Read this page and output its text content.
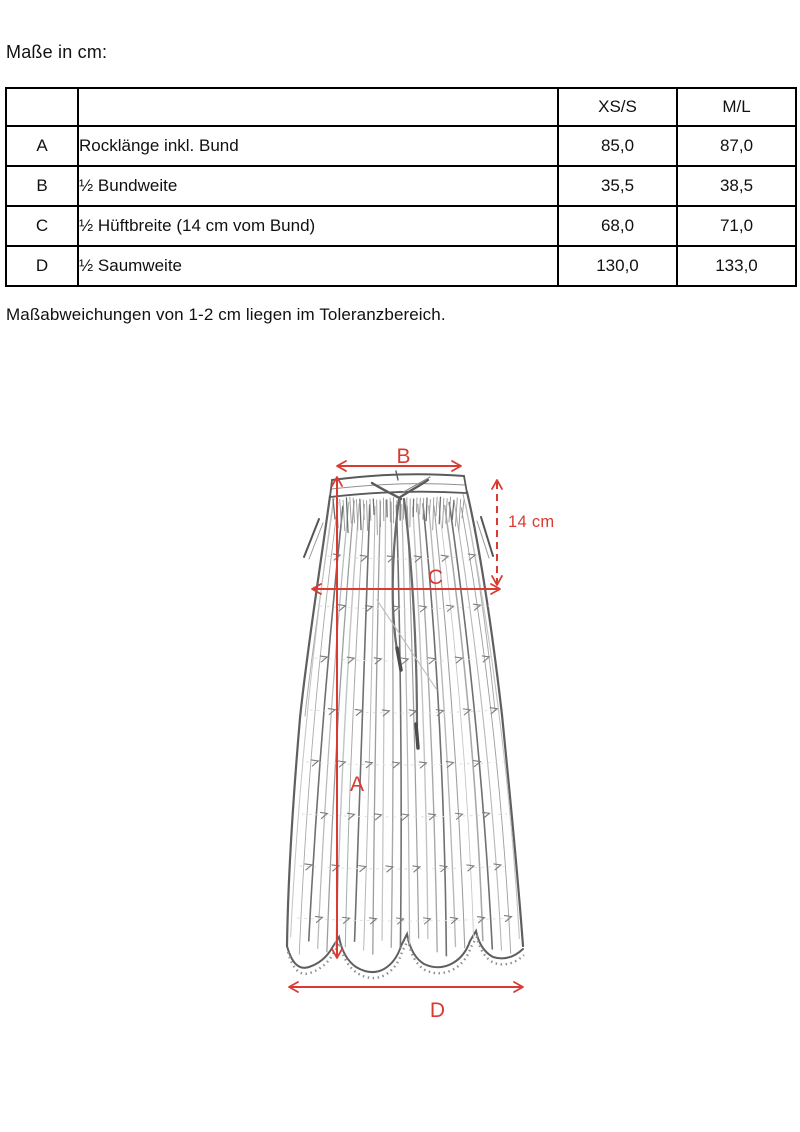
Maße in cm:
		XS/S	M/L
A	Rocklänge inkl. Bund	85,0	87,0
B	½ Bundweite	35,5	38,5
C	½ Hüftbreite (14 cm vom Bund)	68,0	71,0
D	½ Saumweite	130,0	133,0
Maßabweichungen von 1-2 cm liegen im Toleranzbereich.
B
A
14 cm
C
D
